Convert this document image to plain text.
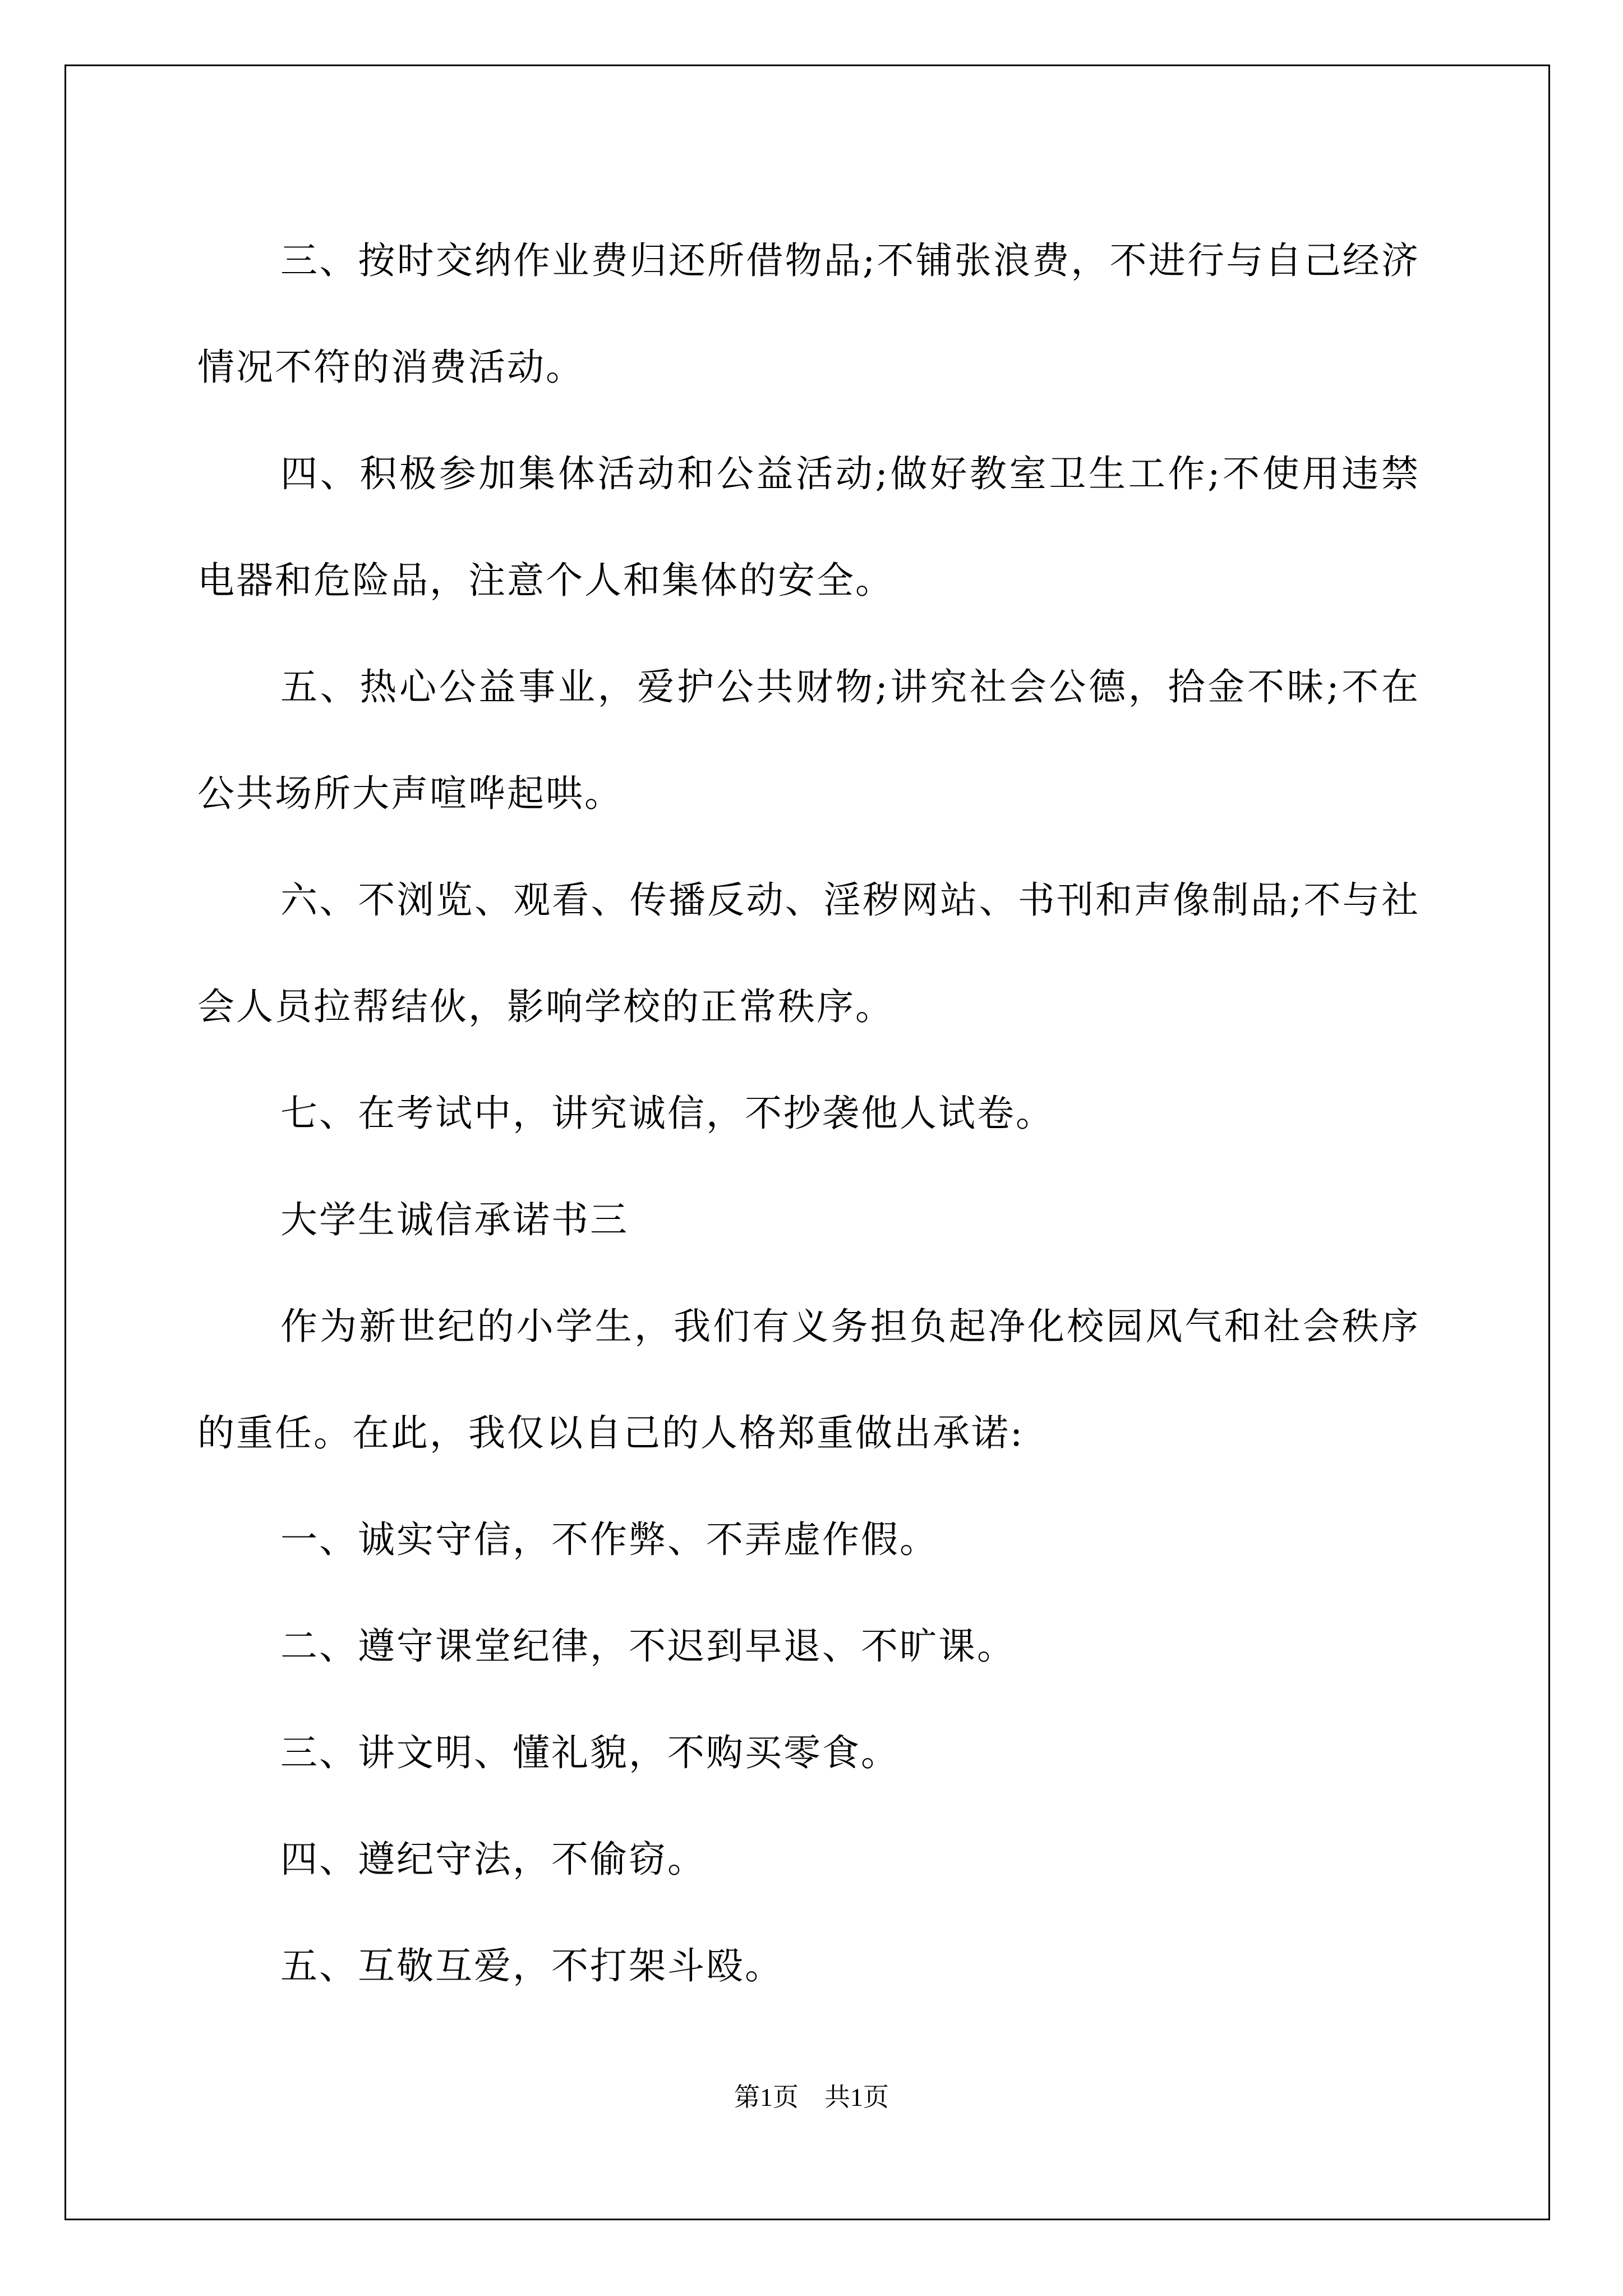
三、按时交纳作业费归还所借物品;不铺张浪费，不进行与自己经济情况不符的消费活动。

四、积极参加集体活动和公益活动;做好教室卫生工作;不使用违禁电器和危险品，注意个人和集体的安全。

五、热心公益事业，爱护公共财物;讲究社会公德，拾金不昧;不在公共场所大声喧哗起哄。

六、不浏览、观看、传播反动、淫秽网站、书刊和声像制品;不与社会人员拉帮结伙，影响学校的正常秩序。

七、在考试中，讲究诚信，不抄袭他人试卷。

大学生诚信承诺书三

作为新世纪的小学生，我们有义务担负起净化校园风气和社会秩序的重任。在此，我仅以自己的人格郑重做出承诺:

一、诚实守信，不作弊、不弄虚作假。

二、遵守课堂纪律，不迟到早退、不旷课。

三、讲文明、懂礼貌，不购买零食。

四、遵纪守法，不偷窃。

五、互敬互爱，不打架斗殴。

第1页 共1页
